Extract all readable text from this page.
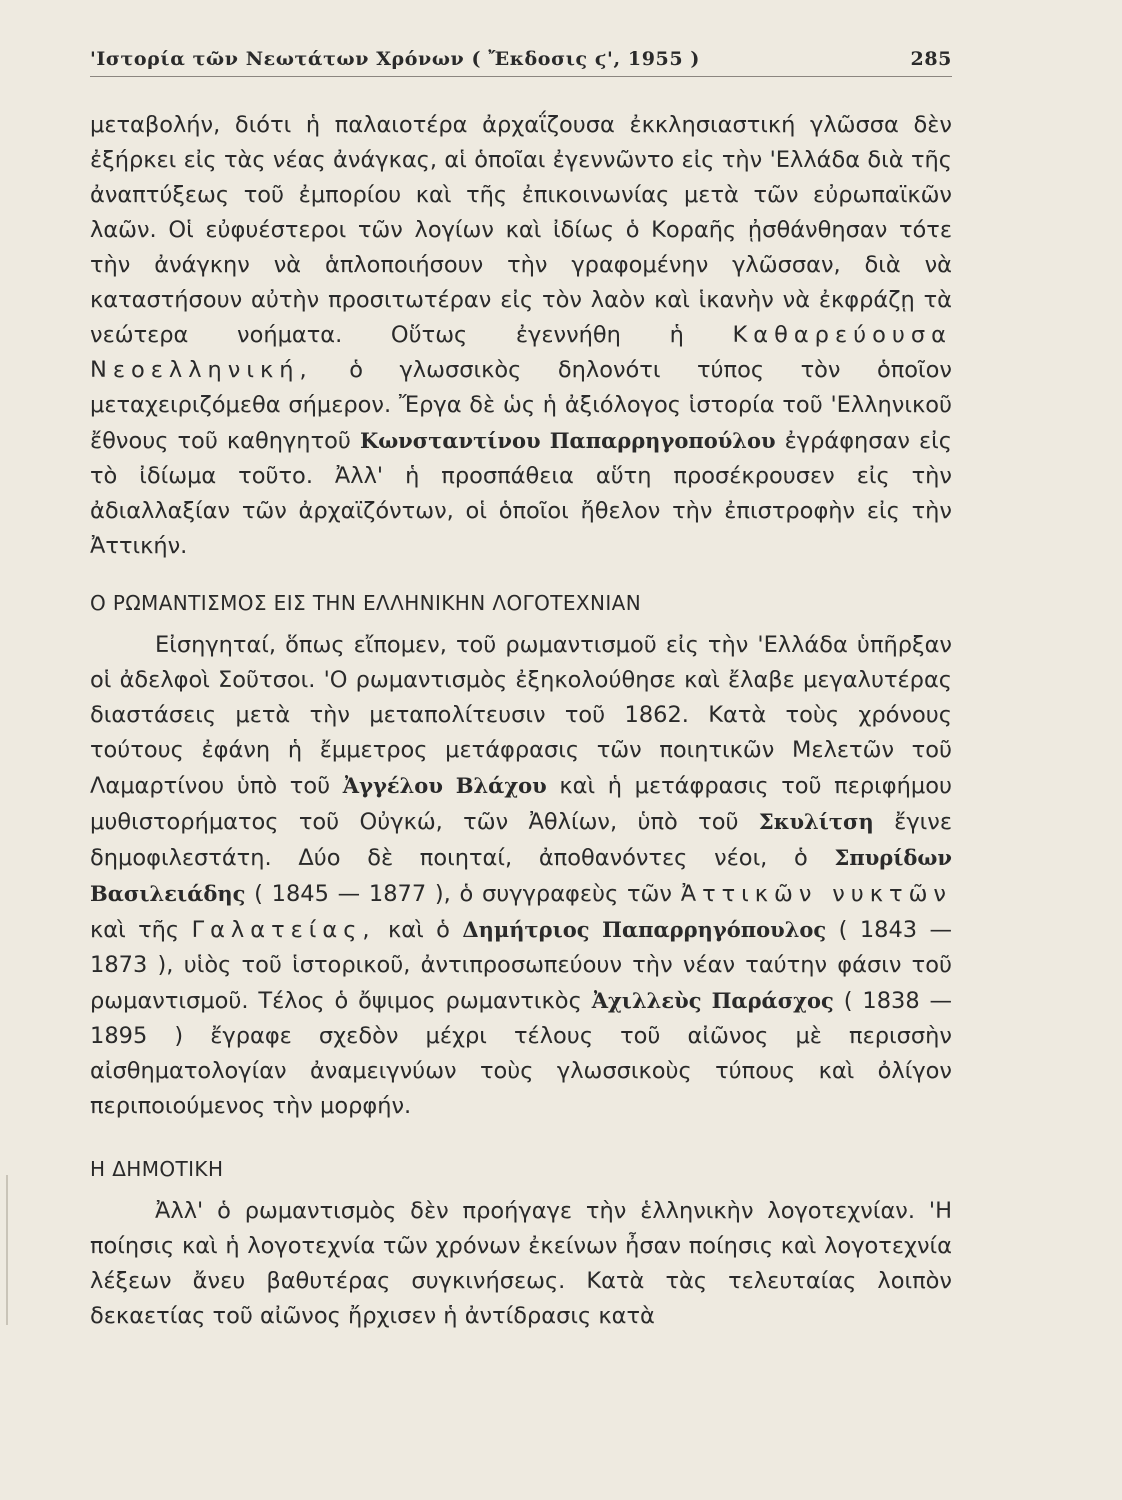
'Ιστορία τῶν Νεωτάτων Χρόνων ( Ἔκδοσις ϛ', 1955 )	285

μεταβολήν, διότι ἡ παλαιοτέρα ἀρχαΐζουσα ἐκκλησιαστική γλῶσσα δὲν ἐξήρκει εἰς τὰς νέας ἀνάγκας, αἱ ὁποῖαι ἐγεννῶντο εἰς τὴν 'Ελλάδα διὰ τῆς ἀναπτύξεως τοῦ ἐμπορίου καὶ τῆς ἐπικοινωνίας μετὰ τῶν εὐρωπαϊκῶν λαῶν. Οἱ εὐφυέστεροι τῶν λογίων καὶ ἰδίως ὁ Κοραῆς ᾐσθάνθησαν τότε τὴν ἀνάγκην νὰ ἁπλοποιήσουν τὴν γραφομένην γλῶσσαν, διὰ νὰ καταστήσουν αὐτὴν προσιτωτέραν εἰς τὸν λαὸν καὶ ἱκανὴν νὰ ἐκφράζῃ τὰ νεώτερα νοήματα. Οὕτως ἐγεννήθη ἡ Καθαρεύουσα Νεοελληνική, ὁ γλωσσικὸς δηλονότι τύπος τὸν ὁποῖον μεταχειριζόμεθα σήμερον. Ἔργα δὲ ὡς ἡ ἀξιόλογος ἱστορία τοῦ 'Ελληνικοῦ ἔθνους τοῦ καθηγητοῦ Κωνσταντίνου Παπαρρηγοπούλου ἐγράφησαν εἰς τὸ ἰδίωμα τοῦτο. Ἀλλ' ἡ προσπάθεια αὕτη προσέκρουσεν εἰς τὴν ἀδιαλλαξίαν τῶν ἀρχαϊζόντων, οἱ ὁποῖοι ἤθελον τὴν ἐπιστροφὴν εἰς τὴν Ἀττικήν.

Ο ΡΩΜΑΝΤΙΣΜΟΣ ΕΙΣ ΤΗΝ ΕΛΛΗΝΙΚΗΝ ΛΟΓΟΤΕΧΝΙΑΝ

Εἰσηγηταί, ὅπως εἴπομεν, τοῦ ρωμαντισμοῦ εἰς τὴν 'Ελλάδα ὑπῆρξαν οἱ ἀδελφοὶ Σοῦτσοι. 'Ο ρωμαντισμὸς ἐξηκολούθησε καὶ ἔλαβε μεγαλυτέρας διαστάσεις μετὰ τὴν μεταπολίτευσιν τοῦ 1862. Κατὰ τοὺς χρόνους τούτους ἐφάνη ἡ ἔμμετρος μετάφρασις τῶν ποιητικῶν Μελετῶν τοῦ Λαμαρτίνου ὑπὸ τοῦ Ἀγγέλου Βλάχου καὶ ἡ μετάφρασις τοῦ περιφήμου μυθιστορήματος τοῦ Οὐγκώ, τῶν Ἀθλίων, ὑπὸ τοῦ Σκυλίτση ἔγινε δημοφιλεστάτη. Δύο δὲ ποιηταί, ἀποθανόντες νέοι, ὁ Σπυρίδων Βασιλειάδης ( 1845 — 1877 ), ὁ συγγραφεὺς τῶν Ἀττικῶν νυκτῶν καὶ τῆς Γαλατείας, καὶ ὁ Δημήτριος Παπαρρηγόπουλος ( 1843 — 1873 ), υἱὸς τοῦ ἱστορικοῦ, ἀντιπροσωπεύουν τὴν νέαν ταύτην φάσιν τοῦ ρωμαντισμοῦ. Τέλος ὁ ὄψιμος ρωμαντικὸς Ἀχιλλεὺς Παράσχος ( 1838 — 1895 ) ἔγραφε σχεδὸν μέχρι τέλους τοῦ αἰῶνος μὲ περισσὴν αἰσθηματολογίαν ἀναμειγνύων τοὺς γλωσσικοὺς τύπους καὶ ὀλίγον περιποιούμενος τὴν μορφήν.

Η ΔΗΜΟΤΙΚΗ

Ἀλλ' ὁ ρωμαντισμὸς δὲν προήγαγε τὴν ἑλληνικὴν λογοτεχνίαν. 'Η ποίησις καὶ ἡ λογοτεχνία τῶν χρόνων ἐκείνων ἦσαν ποίησις καὶ λογοτεχνία λέξεων ἄνευ βαθυτέρας συγκινήσεως. Κατὰ τὰς τελευταίας λοιπὸν δεκαετίας τοῦ αἰῶνος ἤρχισεν ἡ ἀντίδρασις κατὰ
